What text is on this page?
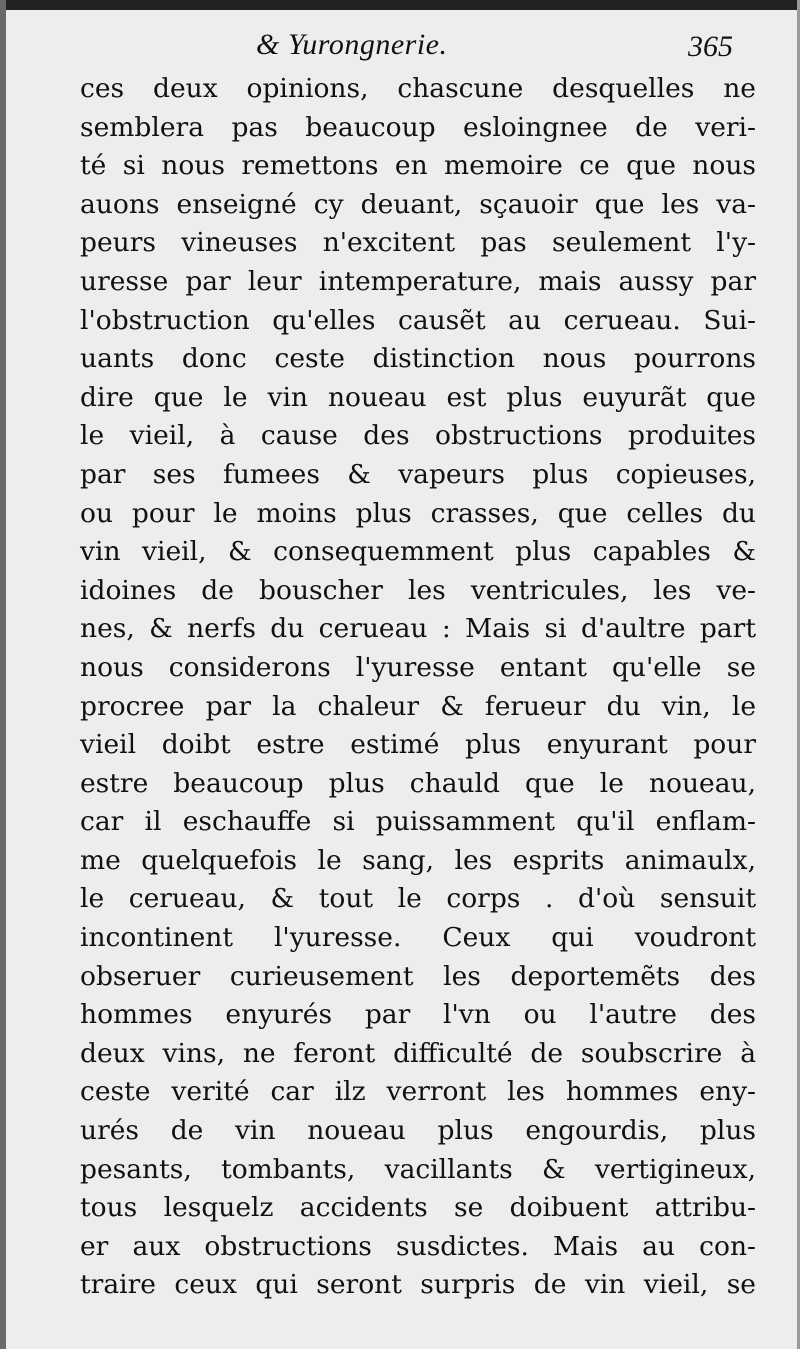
& Yurongnerie.	365
ces deux opinions, chascune desquelles ne
semblera pas beaucoup esloingnee de veri-
té si nous remettons en memoire ce que nous
auons enseigné cy deuant, sçauoir que les va-
peurs vineuses n'excitent pas seulement l'y-
uresse par leur intemperature, mais aussy par
l'obstruction qu'elles causẽt au cerueau. Sui-
uants donc ceste distinction nous pourrons
dire que le vin noueau est plus euyurãt que
le vieil, à cause des obstructions produites
par ses fumees & vapeurs plus copieuses,
ou pour le moins plus crasses, que celles du
vin vieil, & consequemment plus capables &
idoines de bouscher les ventricules, les ve-
nes, & nerfs du cerueau : Mais si d'aultre part
nous considerons l'yuresse entant qu'elle se
procree par la chaleur & ferueur du vin, le
vieil doibt estre estimé plus enyurant pour
estre beaucoup plus chauld que le noueau,
car il eschauffe si puissamment qu'il enflam-
me quelquefois le sang, les esprits animaulx,
le cerueau, & tout le corps . d'où sensuit
incontinent l'yuresse. Ceux qui voudront
obseruer curieusement les deportemẽts des
hommes enyurés par l'vn ou l'autre des
deux vins, ne feront difficulté de soubscrire à
ceste verité car ilz verront les hommes eny-
urés de vin noueau plus engourdis, plus
pesants, tombants, vacillants & vertigineux,
tous lesquelz accidents se doibuent attribu-
er aux obstructions susdictes. Mais au con-
traire ceux qui seront surpris de vin vieil, se
